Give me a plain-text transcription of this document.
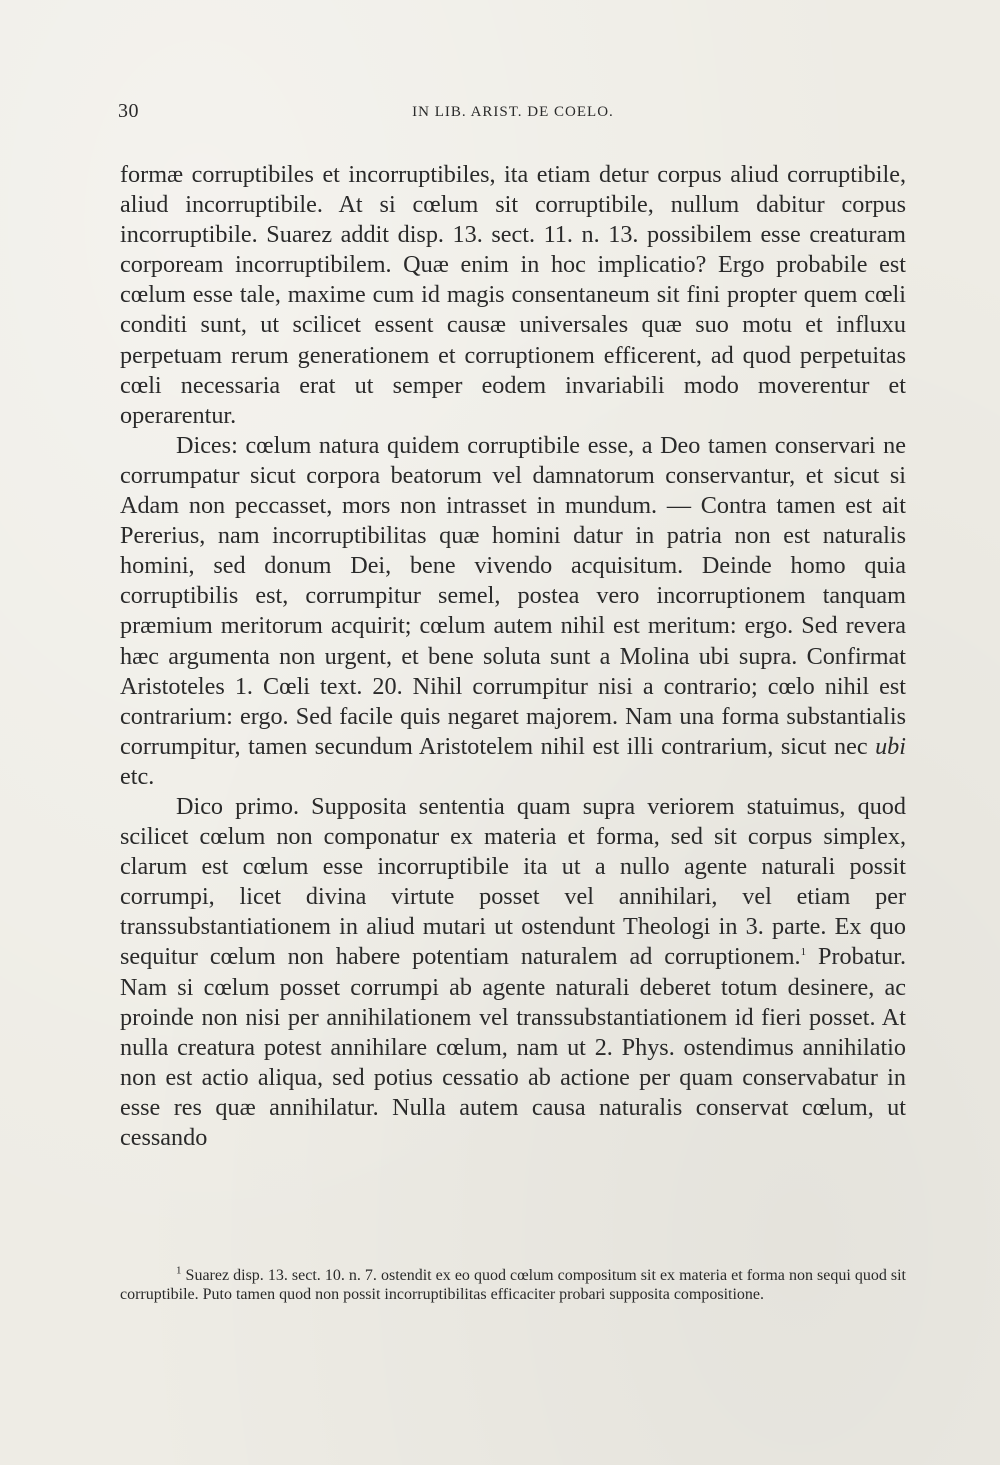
30	IN LIB. ARIST. DE COELO.

formæ corruptibiles et incorruptibiles, ita etiam detur corpus aliud corruptibile, aliud incorruptibile. At si cœlum sit corruptibile, nullum dabitur corpus incorruptibile. Suarez addit disp. 13. sect. 11. n. 13. possibilem esse creaturam corpoream incorruptibilem. Quæ enim in hoc implicatio? Ergo probabile est cœlum esse tale, maxime cum id magis consentaneum sit fini propter quem cœli conditi sunt, ut scilicet essent causæ universales quæ suo motu et influxu perpetuam rerum generationem et corruptionem efficerent, ad quod perpetuitas cœli necessaria erat ut semper eodem invariabili modo moverentur et operarentur.

Dices: cœlum natura quidem corruptibile esse, a Deo tamen conservari ne corrumpatur sicut corpora beatorum vel damnatorum conservantur, et sicut si Adam non peccasset, mors non intrasset in mundum. — Contra tamen est ait Pererius, nam incorruptibilitas quæ homini datur in patria non est naturalis homini, sed donum Dei, bene vivendo acquisitum. Deinde homo quia corruptibilis est, corrumpitur semel, postea vero incorruptionem tanquam præmium meritorum acquirit; cœlum autem nihil est meritum: ergo. Sed revera hæc argumenta non urgent, et bene soluta sunt a Molina ubi supra. Confirmat Aristoteles 1. Cœli text. 20. Nihil corrumpitur nisi a contrario; cœlo nihil est contrarium: ergo. Sed facile quis negaret majorem. Nam una forma substantialis corrumpitur, tamen secundum Aristotelem nihil est illi contrarium, sicut nec ubi etc.

Dico primo. Supposita sententia quam supra veriorem statuimus, quod scilicet cœlum non componatur ex materia et forma, sed sit corpus simplex, clarum est cœlum esse incorruptibile ita ut a nullo agente naturali possit corrumpi, licet divina virtute posset vel annihilari, vel etiam per transsubstantiationem in aliud mutari ut ostendunt Theologi in 3. parte. Ex quo sequitur cœlum non habere potentiam naturalem ad corruptionem.$^1$ Probatur. Nam si cœlum posset corrumpi ab agente naturali deberet totum desinere, ac proinde non nisi per annihilationem vel transsubstantiationem id fieri posset. At nulla creatura potest annihilare cœlum, nam ut 2. Phys. ostendimus annihilatio non est actio aliqua, sed potius cessatio ab actione per quam conservabatur in esse res quæ annihilatur. Nulla autem causa naturalis conservat cœlum, ut cessando

$^1$ Suarez disp. 13. sect. 10. n. 7. ostendit ex eo quod cœlum compositum sit ex materia et forma non sequi quod sit corruptibile. Puto tamen quod non possit incorruptibilitas efficaciter probari supposita compositione.
